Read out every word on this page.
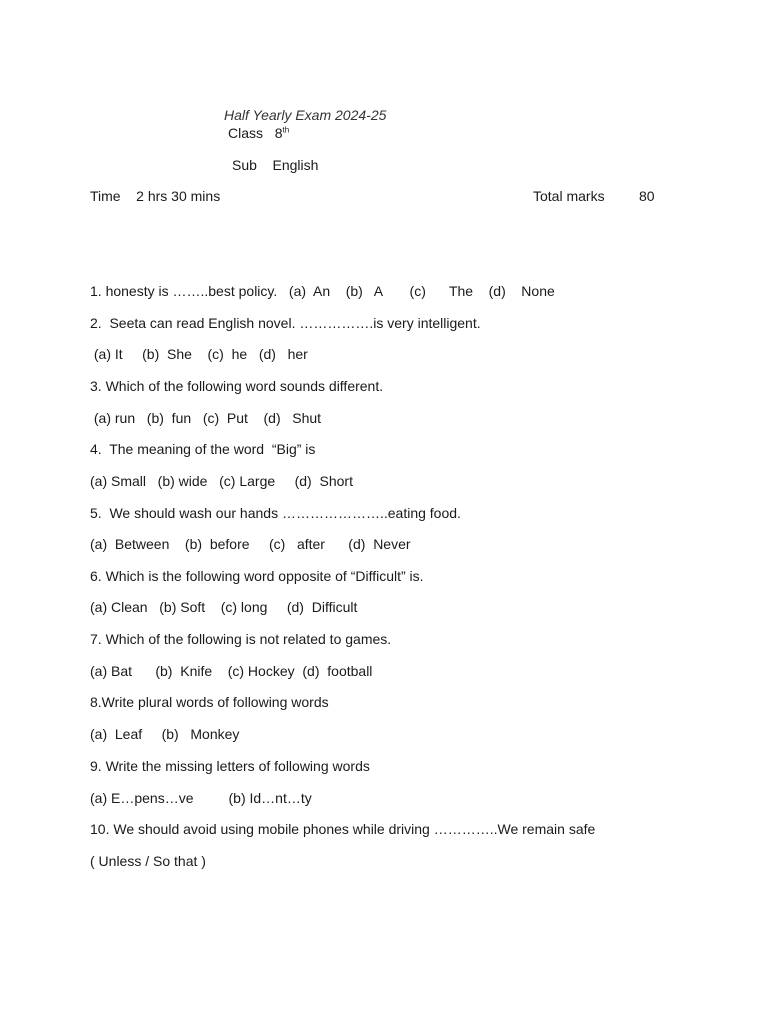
Half Yearly Exam 2024-25
Class 8th
Sub English
Time 2 hrs 30 mins	Total marks 80
1. honesty is ……..best policy.   (a)  An    (b)   A       (c)      The    (d)    None
2.  Seeta can read English novel. …………….is very intelligent.
(a) It     (b)  She    (c)  he   (d)   her
3. Which of the following word sounds different.
(a) run   (b)  fun   (c)  Put    (d)   Shut
4.  The meaning of the word  “Big” is
(a) Small   (b) wide   (c) Large     (d)  Short
5.  We should wash our hands …………………..eating food.
(a)  Between    (b)  before     (c)   after      (d)  Never
6. Which is the following word opposite of “Difficult” is.
(a) Clean   (b) Soft    (c) long     (d)  Difficult
7. Which of the following is not related to games.
(a) Bat      (b)  Knife    (c) Hockey  (d)  football
8.Write plural words of following words
(a)  Leaf     (b)   Monkey
9. Write the missing letters of following words
(a) E…pens…ve         (b) Id…nt…ty
10. We should avoid using mobile phones while driving …………..We remain safe
( Unless / So that )
